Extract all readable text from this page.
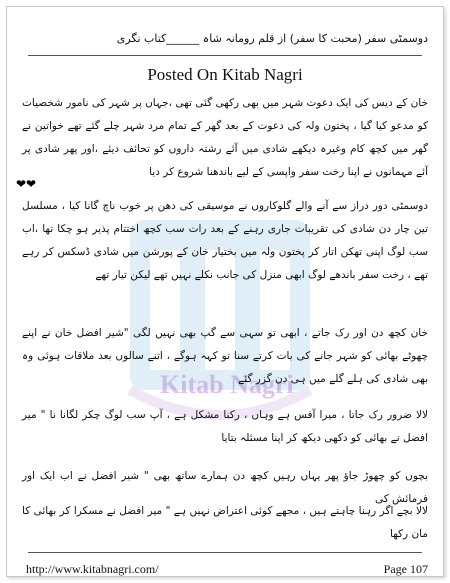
دوسمٹی سفر (محبت کا سفر) از قلم رومانہ شاہ ______کتاب نگری
Posted On Kitab Nagri
Kitab Nagri
خان کے دیس کی ایک دعوت شہر میں بھی رکھی گئی تھی ،جہاں پر شہر کی نامور شخصیات کو مدعو کیا گیا ، پختون ولہ کی دعوت کے بعد گھر کے تمام مرد شہر چلے گئے تھے خواتین نے گھر میں کچھ کام وغیرہ دیکھے شادی میں آئے رشتہ داروں کو تحائف دیئے ،اور پھر شادی پر آئے مہمانوں نے اپنا رخت سفر واپسی کے لیے باندھنا شروع کر دیا
❤❤
دوسمٹی دور دراز سے آنے والے گلوکاروں نے موسیقی کی دھن پر خوب ناچ گانا کیا ، مسلسل تین چار دن شادی کی تقریبات جاری رہنے کے بعد رات سب کچھ اختتام پذیر ہو چکا تھا ،اب سب لوگ اپنی تھکن اتار کر پختون ولہ میں بختیار خان کے پورشن میں شادی ڈسکس کر رہے تھے ، رخت سفر باندھے لوگ ابھی منزل کی جانب نکلے نہیں تھے لیکن تیار تھے
خان کچھ دن اور رک جاتے ، ابھی تو سہی سے گپ بھی نہیں لگی "شیر افضل خان نے اپنے چھوٹے بھائی کو شہر جانے کی بات کرتے سنا تو کہہ ہوگے ، اتنے سالوں بعد ملاقات ہوئی وہ بھی شادی کی ہلے گلے میں ہی دن گزر گئے
لالا ضرور رک جاتا ، میرا آفس ہے وہاں ، رکنا مشکل ہے ، آپ سب لوگ چکر لگانا نا " میر افضل نے بھائی کو دکھی دیکھ کر اپنا مسئلہ بتایا
بچوں کو چھوڑ جاؤ پھر یہاں رہیں کچھ دن ہمارے ساتھ بھی " شیر افضل نے اب ایک اور فرمائش کی
لالا بچے اگر رہنا چاہتے ہیں ، مجھے کوئی اعتراض نہیں ہے " میر افضل نے مسکرا کر بھائی کا مان رکھا
http://www.kitabnagri.com/	Page 107
